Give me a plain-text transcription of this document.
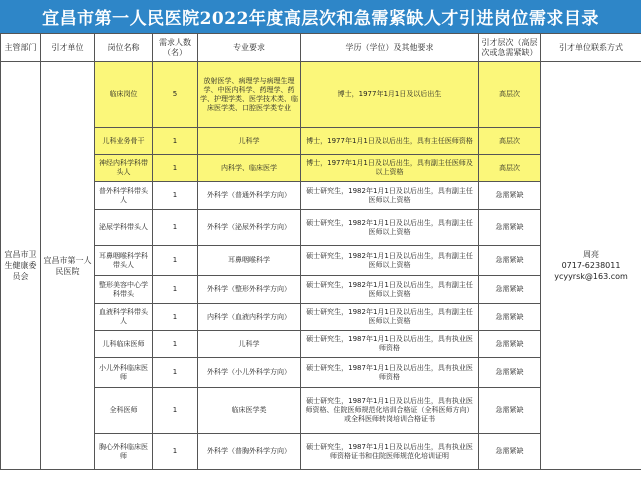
宜昌市第一人民医院2022年度高层次和急需紧缺人才引进岗位需求目录
主管部门	引才单位	岗位名称	需求人数（名）	专业要求	学历（学位）及其他要求	引才层次（高层次或急需紧缺）	引才单位联系方式
宜昌市卫生健康委员会	宜昌市第一人民医院	临床岗位	5	放射医学、病理学与病理生理学、中医内科学、药理学、药学、护理学类、医学技术类、临床医学类、口腔医学类专业	博士，1977年1月1日及以后出生	高层次	周亮
0717-6238011
ycyyrsk@163.com

		儿科业务骨干	1	儿科学	博士，1977年1月1日及以后出生，具有主任医师资格	高层次	
		神经内科学科带头人	1	内科学、临床医学	博士，1977年1月1日及以后出生，具有副主任医师及以上资格	高层次	
		普外科学科带头人	1	外科学（普通外科学方向）	硕士研究生，1982年1月1日及以后出生，具有副主任医师以上资格	急需紧缺	
		泌尿学科带头人	1	外科学（泌尿外科学方向）	硕士研究生，1982年1月1日及以后出生，具有副主任医师以上资格	急需紧缺	
		耳鼻咽喉科学科带头人	1	耳鼻咽喉科学	硕士研究生，1982年1月1日及以后出生，具有副主任医师以上资格	急需紧缺	
		整形美容中心学科带头	1	外科学（整形外科学方向）	硕士研究生，1982年1月1日及以后出生，具有副主任医师以上资格	急需紧缺	
		血液科学科带头人	1	内科学（血液内科学方向）	硕士研究生，1982年1月1日及以后出生，具有副主任医师以上资格	急需紧缺	
		儿科临床医师	1	儿科学	硕士研究生，1987年1月1日及以后出生，具有执业医师资格	急需紧缺	
		小儿外科临床医师	1	外科学（小儿外科学方向）	硕士研究生，1987年1月1日及以后出生，具有执业医师资格	急需紧缺	
		全科医师	1	临床医学类	硕士研究生，1987年1月1日及以后出生，具有执业医师资格、住院医师规范化培训合格证（全科医师方向）或全科医师转岗培训合格证书	急需紧缺	
		胸心外科临床医师	1	外科学（普胸外科学方向）	硕士研究生，1987年1月1日及以后出生，具有执业医师资格证书和住院医师规范化培训证明	急需紧缺	
